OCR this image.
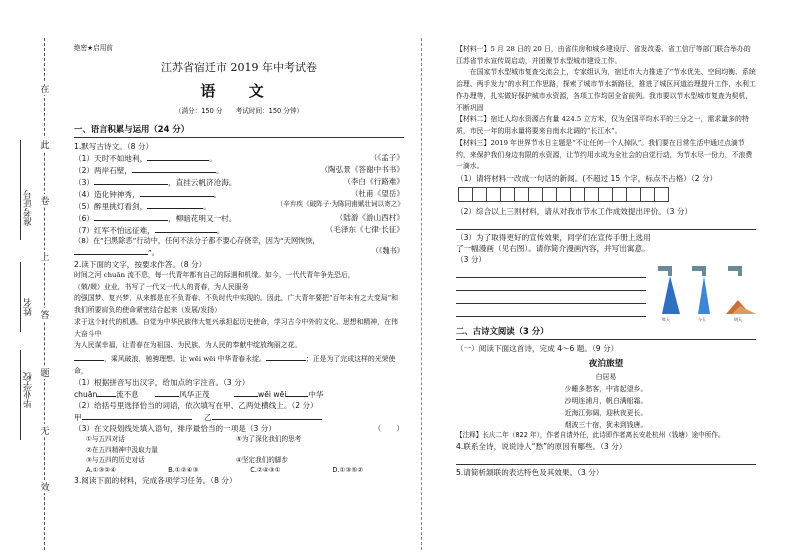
在
此
卷
上
答
题
无
效
准考证号
姓名
毕业学校
绝密★启用前
江苏省宿迁市 2019 年中考试卷
语 文
（满分：150 分　　考试时间：150 分钟）
一、语言积累与运用（24 分）
1.默写古诗文。（8 分）
（1）天时不如地利，	。	（《孟子》
（2）两岸石壁，	。	（陶弘景《答谢中书书》
（3）	，直挂云帆济沧海。	（李白《行路难》
（4）造化钟神秀，	。	（杜甫《望岳》
（5）醉里挑灯看剑，	。	（辛弃疾《破阵子·为陈同甫赋壮词以寄之》
（6）	，柳暗花明又一村。	（陆游《游山西村》
（7）红军不怕远征难，	。	（毛泽东《七律·长征》
（8）在“扫黑除恶”行动中，任何不法分子都不要心存侥幸，因为“天网恢恢，
”。	（《魏书》
2.读下面的文字，按要求作答。（8 分）
时间之河 chuān 流不息，每一代青年都有自己的际遇和机缘。如今，一代代青年争先恐后，
（兢/兢）业业，书写了一代又一代人的青春，为人民服务
的强国梦、复兴梦，从来都是在不负青春、不负时代中实现的。因此，广大青年要把“百年未有之大变局”和我们所要肩负的使命紧密结合起来（发展/发扬）
求于这个时代的机遇。自觉为中华民族伟大复兴承担起历史使命，学习古今中外的文化、思想和精神，在伟大奋斗中
为人民谋幸福，让青春在为祖国、为民族、为人民的奉献中绽放绚丽之花。
，乘风破浪，驰骋理想。让 wēi wēi 中华青春永绽。	；正是为了完成这样的光荣使命，
（1）根据拼音写出汉字，给加点的字注音。（3 分）
chuān 流不息	风华正茂	wēi wēi	中华
（2）给括号里选择恰当的词语，依次填写在甲、乙两处横线上。（2 分）
甲	乙
（3）在文段划线处填入语句，排序最恰当的一项是（3 分）	（　　）
①与五四对话	⑤为了深化我们的思考
②在五四精神中汲取力量
③与五四的历史对话	④坚定我们的脚步
A.①③②④	B.①②④③	C.②④③①	D.①③⑤②
3.阅读下面的材料，完成各项学习任务。（8 分）
【材料一】5 月 28 日的 20 日，由省住房和城乡建设厅、省发改委、省工信厅等部门联合举办的江苏省节水宣传周启动，并团聚节水型城市建设工作。
　　在国家节水型城市复查交流会上，专家组认为，宿迁市大力推进了“节水优先、空间均衡、系统治理、两手发力”的水利工作思路，探索了城市节水新路径，推进了城区河道治理提升工作，水利工作办理等，扎实做好保护城市水资源，各项工作均居全省前列。我市要以节水型城市复查为契机，不断巩固
【材料二】宿迁人均水资源占有量 424.5 立方米，仅为全国平均水平的三分之一，需求量多的特质，市民一年的用水量将要来自南水北调的“长江水”。
【材料三】2019 年世界节水日主题是“不让任何一个人掉队”。我们要在日常生活中通过点滴节约，来保护我们身边有限的水资源，让节约用水成为全社会的自觉行动，为节水尽一份力，不浪费一滴水。
（1）请将材料一改成一句话的新闻。(不超过 15 个字，标点不占格）（2 分）
（2）综合以上三则材料，请从对我市节水工作成效提出评价。（3 分）
（3）为了取得更好的宣传效果，同学们在宣传手册上选用了一幅漫画（见右图）。请你简介漫画内容，并写出寓意。（3 分）
二、古诗文阅读（3 分）
（一）阅读下面这首诗，完成 4～6 题。（9 分）
夜泊旅望
白居易
少睡多愁客，中宵起望乡。
沙明连浦月，帆白满船霜。
近海江弥阔，迎秋夜更长。
烟波三十宿，犹未到钱唐。
【注释】长庆二年（822 年），作者自请外任，此诗即作者离长安赴杭州（钱塘）途中所作。
4.联系全诗，说说诗人“愁”的原因有哪些。（3 分）
5.请简析颔联的表达特色及其效果。（3 分）
昨天	今天	明天
